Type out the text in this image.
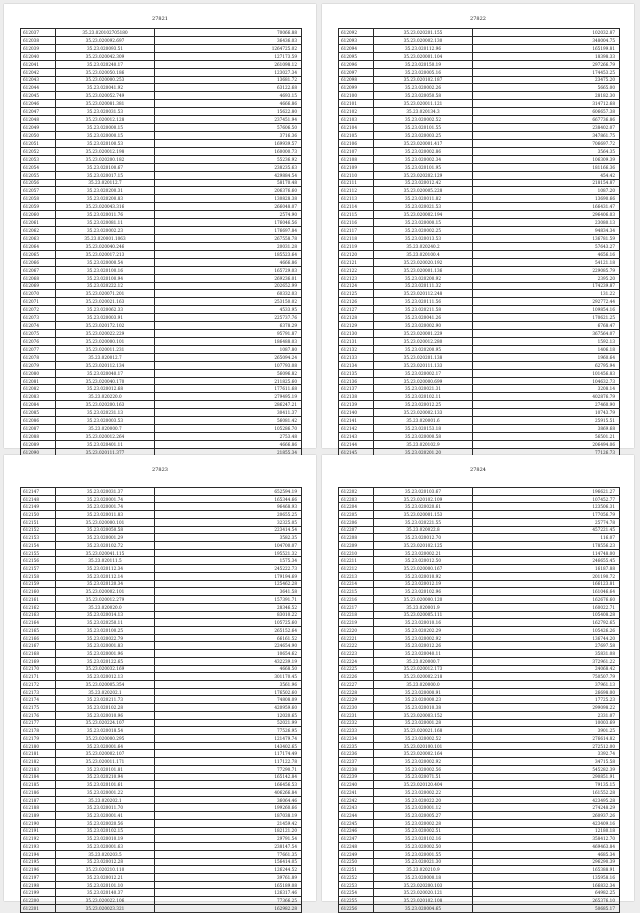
27821
612037	35.23.020102705180	70066.88
612038	35.23.020092.697	36436.03
612039	35.23.020093.51	1264725.02
612040	35.23.020042.309	127173.59
612041	35.23.020240.17	261098.12
612042	35.23.020050.186	123027.34
612043	35.23.020000.253	13681.72
612044	35.23.020041.92	63122.68
612045	35.23.020052.749	4693.15
612046	35.23.020081.381	4666.86
612047	35.23.020031.53	15622.80
612048	35.23.020012.128	237451.94
612049	35.23.020000.15	57606.50
612050	35.23.020000.15	3716.36
612051	35.23.020100.53	169939.57
612052	35.23.020012.198	160000.73
612053	35.23.020200.182	55236.92
612054	35.23.020100.67	238235.63
612055	35.23.020017.15	429884.54
612056	35.23.020112.7	58170.48
612057	35.23.020200.31	206376.60
612058	35.23.020200.83	130828.38
612059	35.23.020043.316	266048.07
612060	35.23.020011.76	2574.90
612061	35.23.020081.11	176046.56
612062	35.23.020002.23	176697.84
612063	35.23.020001.1063	267558.78
612064	35.23.020040.246	20031.28
612065	35.23.020017.213	185523.64
612066	35.23.020000.54	4666.86
612067	35.23.020100.16	165729.03
612068	35.23.020100.94	269236.01
612069	35.23.020222.12	202652.99
612070	35.23.020071.201	60332.03
612071	35.23.020021.163	253150.02
612072	35.23.020062.33	4533.95
612073	35.23.020003.91	225737.76
612074	35.23.020172.102	6378.29
612075	35.23.020022.229	95791.87
612076	35.23.020000.101	186488.03
612077	35.23.020011.231	1087.80
612078	35.23.020012.7	265094.24
612079	35.23.020112.134	107793.08
612080	35.23.020040.17	56096.82
612081	35.23.020040.170	211825.60
612082	35.23.020012.68	177611.68
612083	35.23.020220.0	279495.19
612084	35.23.020200.163	286247.21
612085	35.23.020231.13	30411.37
612086	35.23.020003.53	56081.42
612087	35.23.020000.7	105286.70
612088	35.23.020012.264	2753.48
612089	35.23.020401.11	4666.86
612090	35.23.020111.377	21855.34

27822
612092	35.23.020201.155	102032.87
612093	35.23.020002.130	348004.75
612094	35.23.020112.96	165199.81
612095	35.23.020001.104	18398.33
612096	35.23.020150.19	297266.79
612097	35.23.020005.16	174453.25
612098	35.23.020102.187	23475.20
612099	35.23.020002.26	5665.00
612100	35.23.020050.58	28182.30
612101	35.23.020011.121	314712.68
612102	35.23.020134.3	606657.38
612103	35.23.020002.52	667736.86
612104	35.23.020101.55	238402.07
612105	35.23.020003.25	347861.75
612106	35.23.020001.417	706697.72
612107	35.23.020002.86	3564.35
612108	35.23.020002.34	106309.39
612109	35.23.020101.95	181166.36
612110	35.23.020202.129	454.42
612111	35.23.020012.42	218154.87
612112	35.23.020005.228	1087.20
612113	35.23.020011.82	13690.66
612114	35.23.020021.53	166431.47
612115	35.23.020002.194	296406.03
612116	35.23.020000.15	23080.13
612117	35.23.020002.25	94834.34
612118	35.23.020013.53	136781.59
612119	35.23.020240.2	57643.27
612120	35.23.020100.4	4656.16
612121	35.23.020020.192	54121.18
612122	35.23.020001.136	229085.79
612123	35.23.020200.92	2395.20
612124	35.23.020111.32	174239.87
612125	35.23.020112.248	131.22
612126	35.23.020111.56	292772.44
612127	35.23.020211.58	109854.16
612128	35.23.020041.26	170621.25
612129	35.23.020002.90	6768.47
612130	35.23.020001.229	367564.07
612131	35.23.020012.280	1592.13
612132	35.23.020200.95	1406.18
612133	35.23.020201.138	1960.64
612134	35.23.020111.133	62795.94
612135	35.23.020002.17	101456.83
612136	35.23.020000.699	104632.73
612137	35.23.020021.31	3208.14
612138	35.23.020102.11	402876.79
612139	35.23.020012.25	27460.90
612140	35.23.020002.133	10743.79
612141	35.23.020001.6	25915.51
612142	35.23.020153.18	3869.68
612143	35.23.020000.58	56501.21
612144	35.23.020102.9	206494.06
612145	35.23.020201.20	77126.73

27823
612147	35.23.020031.37	652594.19
612148	35.23.020001.74	165344.66
612149	35.23.020001.74	96468.93
612150	35.23.020011.83	20655.25
612151	35.23.020000.101	32325.05
612152	35.23.020050.58	223414.54
612153	35.23.020001.29	3582.35
612154	35.23.020102.72	104700.07
612155	35.23.020041.115	195521.32
612156	35.23.020111.5	1575.34
612157	35.23.020112.34	245222.73
612158	35.23.020112.14	179194.69
612159	35.23.020120.34	125462.28
612160	35.23.020002.101	3641.58
612161	35.23.020012.279	157391.71
612162	35.23.020020.0	28346.52
612163	35.23.020014.13	83010.22
612164	35.23.020250.11	105725.60
612165	35.23.020100.25	265152.64
612166	35.23.020022.79	66161.52
612167	35.23.020001.83	224654.90
612168	35.23.020001.96	10654.62
612169	35.23.020122.65	432239.19
612170	35.23.020032.169	4668.50
612171	35.23.020012.13	301170.45
612172	35.23.020005.354	3561.96
612173	35.23.020202.1	176502.60
612174	35.23.020211.73	74808.09
612175	35.23.020102.28	420959.60
612176	35.23.020010.96	12020.65
612177	35.23.020224.107	52021.99
612178	35.23.020018.54	77526.95
612179	35.23.020000.295	121479.74
612180	35.23.020001.64	143402.65
612181	35.23.020002.107	117174.49
612182	35.23.020011.171	117122.78
612183	35.23.020101.81	77290.71
612184	35.23.020210.94	165142.84
612185	35.23.020101.61	166456.53
612186	35.23.020001.22	406266.84
612187	35.23.020202.1	36064.46
612188	35.23.020011.70	199260.66
612189	35.23.020001.41	187038.19
612190	35.23.020020.56	21459.42
612191	35.23.020102.15	182121.20
612192	35.23.020010.19	29791.54
612193	35.23.020001.63	238147.54
612194	35.23.020203.5	77661.35
612195	35.23.020012.28	156414.05
612196	35.23.020210.110	126244.52
612197	35.23.020012.21	39761.89
612198	35.23.020101.10	165189.08
612199	35.23.020140.37	126317.46
612200	35.23.020022.106	77366.25
612201	35.23.020023.321	162982.28
27824
612202	35.23.020103.67	196621.27
612203	35.23.020102.109	107452.77
612204	35.23.020020.61	123506.31
612205	35.23.020001.153	177056.79
612206	35.23.020221.55	25774.78
612207	35.23.020022.8	457221.45
612208	35.23.020012.70	116.07
612209	35.23.020102.125	178556.23
612210	35.23.020002.21	114748.00
612211	35.23.020012.50	246655.45
612212	35.23.020000.167	16187.88
612213	35.23.020010.92	201190.72
612214	35.23.020012.19	166123.81
612215	35.23.020102.96	161046.64
612216	35.23.020000.120	162676.60
612217	35.23.020001.9	160022.71
612218	35.23.020005.111	105408.28
612219	35.23.020010.16	162792.65
612220	35.23.020202.29	105426.26
612221	35.23.020002.92	136744.20
612222	35.23.020012.26	27697.58
612223	35.23.020040.11	35831.08
612224	35.23.020000.7	372961.22
612225	35.23.020012.173	24068.42
612226	35.23.020002.218	750507.79
612227	35.23.020000.0	37961.13
612228	35.23.020000.91	26698.00
612229	35.23.020000.23	17725.23
612230	35.23.020010.38	299098.22
612231	35.23.020003.152	2331.07
612232	35.23.020001.28	10003.69
612233	35.23.020021.168	3901.25
612234	35.23.020002.52	276614.82
612235	35.23.020100.101	272512.00
612236	35.23.020002.164	3392.74
612237	35.23.020002.92	34715.58
612238	35.23.020002.56	545282.39
612239	35.23.020071.51	290851.91
612240	35.23.020120.404	79135.15
612241	35.23.020002.22	161552.28
612242	35.23.020022.20	423495.28
612243	35.23.020001.12	274248.29
612244	35.23.020005.27	260937.26
612245	35.23.020002.28	423409.16
612246	35.23.020002.51	12180.18
612247	35.23.020102.16	358412.70
612248	35.23.020002.50	469463.84
612249	35.23.020001.55	4685.34
612250	35.23.020021.30	296290.39
612251	35.23.020210.9	165388.91
612252	35.23.020000.18	135958.16
612253	35.23.020200.103	166832.34
612254	35.23.020020.121	64982.25
612255	35.23.020102.108	265376.10
612256	35.23.020004.65	50685.17
